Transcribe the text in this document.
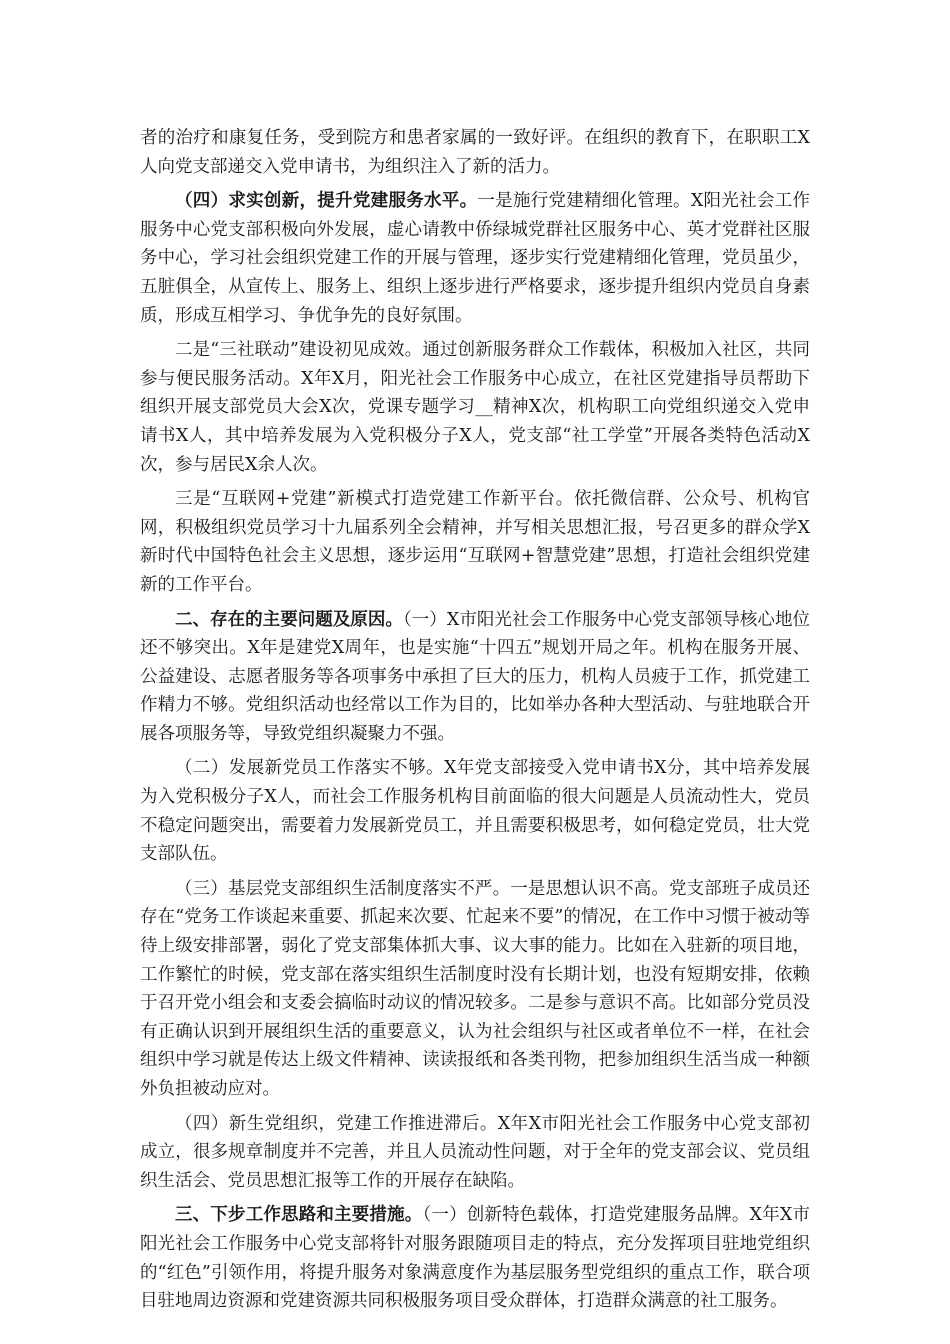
者的治疗和康复任务，受到院方和患者家属的一致好评。在组织的教育下，在职职工X人向党支部递交入党申请书，为组织注入了新的活力。

（四）求实创新，提升党建服务水平。一是施行党建精细化管理。X阳光社会工作服务中心党支部积极向外发展，虚心请教中侨绿城党群社区服务中心、英才党群社区服务中心，学习社会组织党建工作的开展与管理，逐步实行党建精细化管理，党员虽少，五脏俱全，从宣传上、服务上、组织上逐步进行严格要求，逐步提升组织内党员自身素质，形成互相学习、争优争先的良好氛围。

二是“三社联动”建设初见成效。通过创新服务群众工作载体，积极加入社区，共同参与便民服务活动。X年X月，阳光社会工作服务中心成立，在社区党建指导员帮助下组织开展支部党员大会X次，党课专题学习__精神X次，机构职工向党组织递交入党申请书X人，其中培养发展为入党积极分子X人，党支部“社工学堂”开展各类特色活动X次，参与居民X余人次。

三是“互联网+党建”新模式打造党建工作新平台。依托微信群、公众号、机构官网，积极组织党员学习十九届系列全会精神，并写相关思想汇报，号召更多的群众学X新时代中国特色社会主义思想，逐步运用“互联网+智慧党建”思想，打造社会组织党建新的工作平台。

二、存在的主要问题及原因。（一）X市阳光社会工作服务中心党支部领导核心地位还不够突出。X年是建党X周年，也是实施“十四五”规划开局之年。机构在服务开展、公益建设、志愿者服务等各项事务中承担了巨大的压力，机构人员疲于工作，抓党建工作精力不够。党组织活动也经常以工作为目的，比如举办各种大型活动、与驻地联合开展各项服务等，导致党组织凝聚力不强。

（二）发展新党员工作落实不够。X年党支部接受入党申请书X分，其中培养发展为入党积极分子X人，而社会工作服务机构目前面临的很大问题是人员流动性大，党员不稳定问题突出，需要着力发展新党员工，并且需要积极思考，如何稳定党员，壮大党支部队伍。

（三）基层党支部组织生活制度落实不严。一是思想认识不高。党支部班子成员还存在“党务工作谈起来重要、抓起来次要、忙起来不要”的情况，在工作中习惯于被动等待上级安排部署，弱化了党支部集体抓大事、议大事的能力。比如在入驻新的项目地，工作繁忙的时候，党支部在落实组织生活制度时没有长期计划，也没有短期安排，依赖于召开党小组会和支委会搞临时动议的情况较多。二是参与意识不高。比如部分党员没有正确认识到开展组织生活的重要意义，认为社会组织与社区或者单位不一样，在社会组织中学习就是传达上级文件精神、读读报纸和各类刊物，把参加组织生活当成一种额外负担被动应对。

（四）新生党组织，党建工作推进滞后。X年X市阳光社会工作服务中心党支部初成立，很多规章制度并不完善，并且人员流动性问题，对于全年的党支部会议、党员组织生活会、党员思想汇报等工作的开展存在缺陷。

三、下步工作思路和主要措施。（一）创新特色载体，打造党建服务品牌。X年X市阳光社会工作服务中心党支部将针对服务跟随项目走的特点，充分发挥项目驻地党组织的“红色”引领作用，将提升服务对象满意度作为基层服务型党组织的重点工作，联合项目驻地周边资源和党建资源共同积极服务项目受众群体，打造群众满意的社工服务。
